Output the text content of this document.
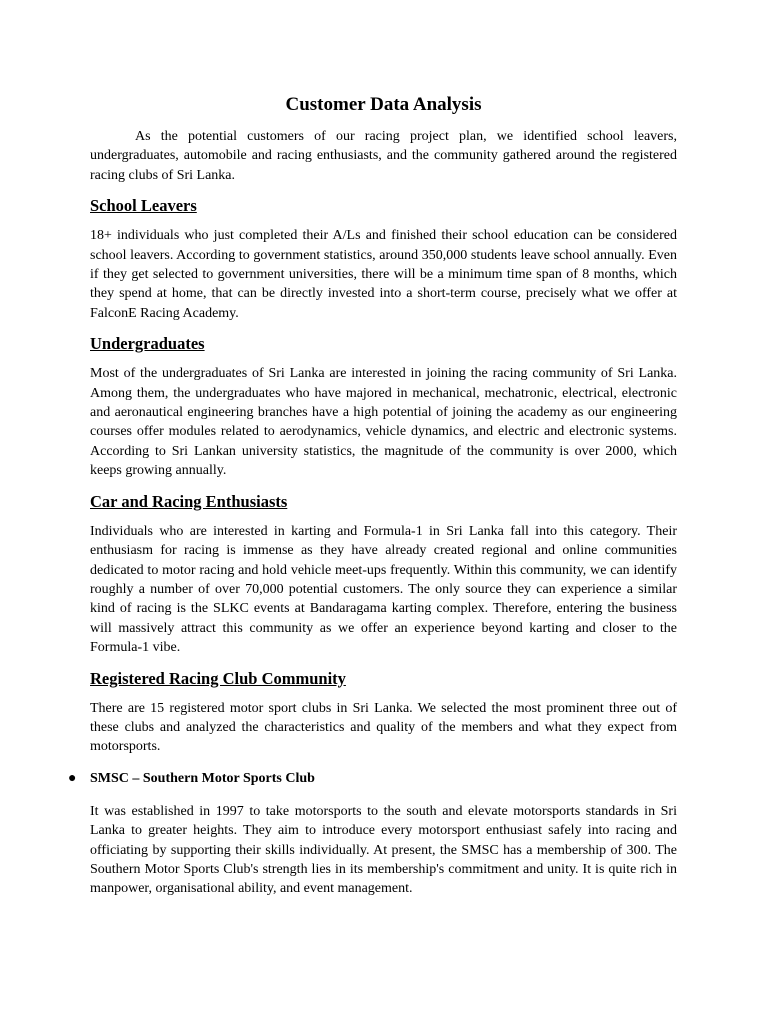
Customer Data Analysis

As the potential customers of our racing project plan, we identified school leavers, undergraduates, automobile and racing enthusiasts, and the community gathered around the registered racing clubs of Sri Lanka.

School Leavers

18+ individuals who just completed their A/Ls and finished their school education can be considered school leavers. According to government statistics, around 350,000 students leave school annually. Even if they get selected to government universities, there will be a minimum time span of 8 months, which they spend at home, that can be directly invested into a short-term course, precisely what we offer at FalconE Racing Academy.

Undergraduates

Most of the undergraduates of Sri Lanka are interested in joining the racing community of Sri Lanka. Among them, the undergraduates who have majored in mechanical, mechatronic, electrical, electronic and aeronautical engineering branches have a high potential of joining the academy as our engineering courses offer modules related to aerodynamics, vehicle dynamics, and electric and electronic systems. According to Sri Lankan university statistics, the magnitude of the community is over 2000, which keeps growing annually.

Car and Racing Enthusiasts

Individuals who are interested in karting and Formula-1 in Sri Lanka fall into this category. Their enthusiasm for racing is immense as they have already created regional and online communities dedicated to motor racing and hold vehicle meet-ups frequently. Within this community, we can identify roughly a number of over 70,000 potential customers. The only source they can experience a similar kind of racing is the SLKC events at Bandaragama karting complex. Therefore, entering the business will massively attract this community as we offer an experience beyond karting and closer to the Formula-1 vibe.

Registered Racing Club Community

There are 15 registered motor sport clubs in Sri Lanka. We selected the most prominent three out of these clubs and analyzed the characteristics and quality of the members and what they expect from motorsports.

● SMSC – Southern Motor Sports Club

It was established in 1997 to take motorsports to the south and elevate motorsports standards in Sri Lanka to greater heights. They aim to introduce every motorsport enthusiast safely into racing and officiating by supporting their skills individually. At present, the SMSC has a membership of 300. The Southern Motor Sports Club's strength lies in its membership's commitment and unity. It is quite rich in manpower, organisational ability, and event management.
